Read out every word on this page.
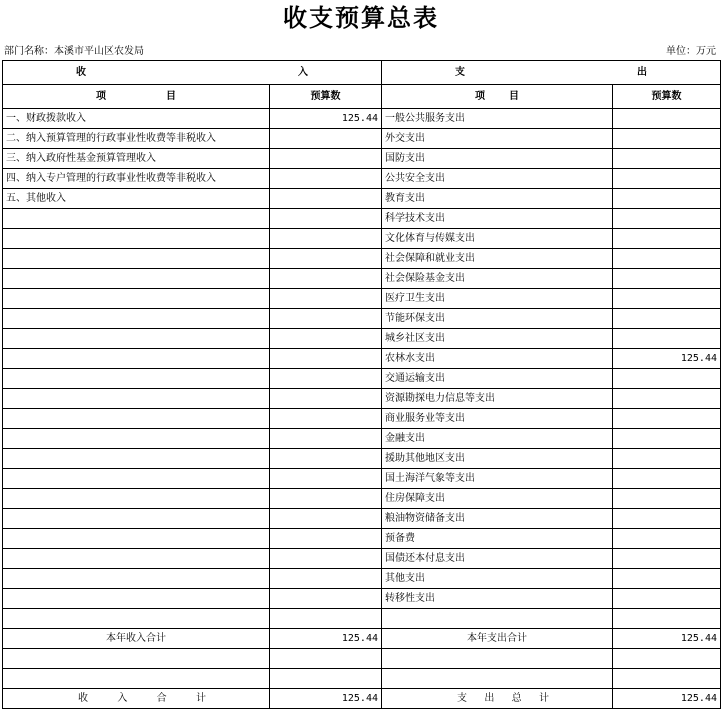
收支预算总表
部门名称：本溪市平山区农发局	单位：万元
收 入		支 出	

项 目	预算数	项 目	预算数
一、财政拨款收入	125.44	一般公共服务支出	
二、纳入预算管理的行政事业性收费等非税收入		外交支出	
三、纳入政府性基金预算管理收入		国防支出	
四、纳入专户管理的行政事业性收费等非税收入		公共安全支出	
五、其他收入		教育支出	
		科学技术支出	
		文化体育与传媒支出	
		社会保障和就业支出	
		社会保险基金支出	
		医疗卫生支出	
		节能环保支出	
		城乡社区支出	
		农林水支出	125.44
		交通运输支出	
		资源勘探电力信息等支出	
		商业服务业等支出	
		金融支出	
		援助其他地区支出	
		国土海洋气象等支出	
		住房保障支出	
		粮油物资储备支出	
		预备费	
		国债还本付息支出	
		其他支出	
		转移性支出	

本年收入合计	125.44	本年支出合计	125.44

收 入 合 计	125.44	支 出 总 计	125.44
